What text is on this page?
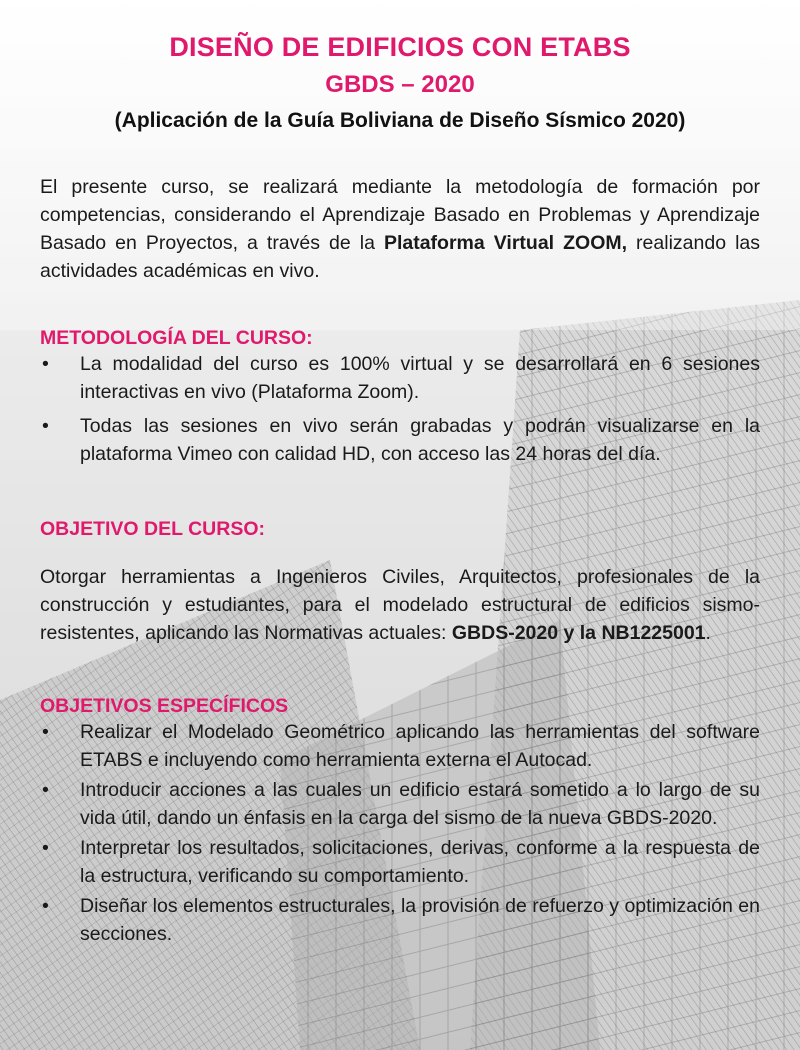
DISEÑO DE EDIFICIOS CON ETABS
GBDS – 2020
(Aplicación de la Guía Boliviana de Diseño Sísmico 2020)

El presente curso, se realizará mediante la metodología de formación por competencias, considerando el Aprendizaje Basado en Problemas y Aprendizaje Basado en Proyectos, a través de la Plataforma Virtual ZOOM, realizando las actividades académicas en vivo.

METODOLOGÍA DEL CURSO:
• La modalidad del curso es 100% virtual y se desarrollará en 6 sesiones interactivas en vivo (Plataforma Zoom).
• Todas las sesiones en vivo serán grabadas y podrán visualizarse en la plataforma Vimeo con calidad HD, con acceso las 24 horas del día.
OBJETIVO DEL CURSO:

Otorgar herramientas a Ingenieros Civiles, Arquitectos, profesionales de la construcción y estudiantes, para el modelado estructural de edificios sismo-resistentes, aplicando las Normativas actuales: GBDS-2020 y la NB1225001.

OBJETIVOS ESPECÍFICOS
• Realizar el Modelado Geométrico aplicando las herramientas del software ETABS e incluyendo como herramienta externa el Autocad.
• Introducir acciones a las cuales un edificio estará sometido a lo largo de su vida útil, dando un énfasis en la carga del sismo de la nueva GBDS-2020.
• Interpretar los resultados, solicitaciones, derivas, conforme a la respuesta de la estructura, verificando su comportamiento.
• Diseñar los elementos estructurales, la provisión de refuerzo y optimización en secciones.
